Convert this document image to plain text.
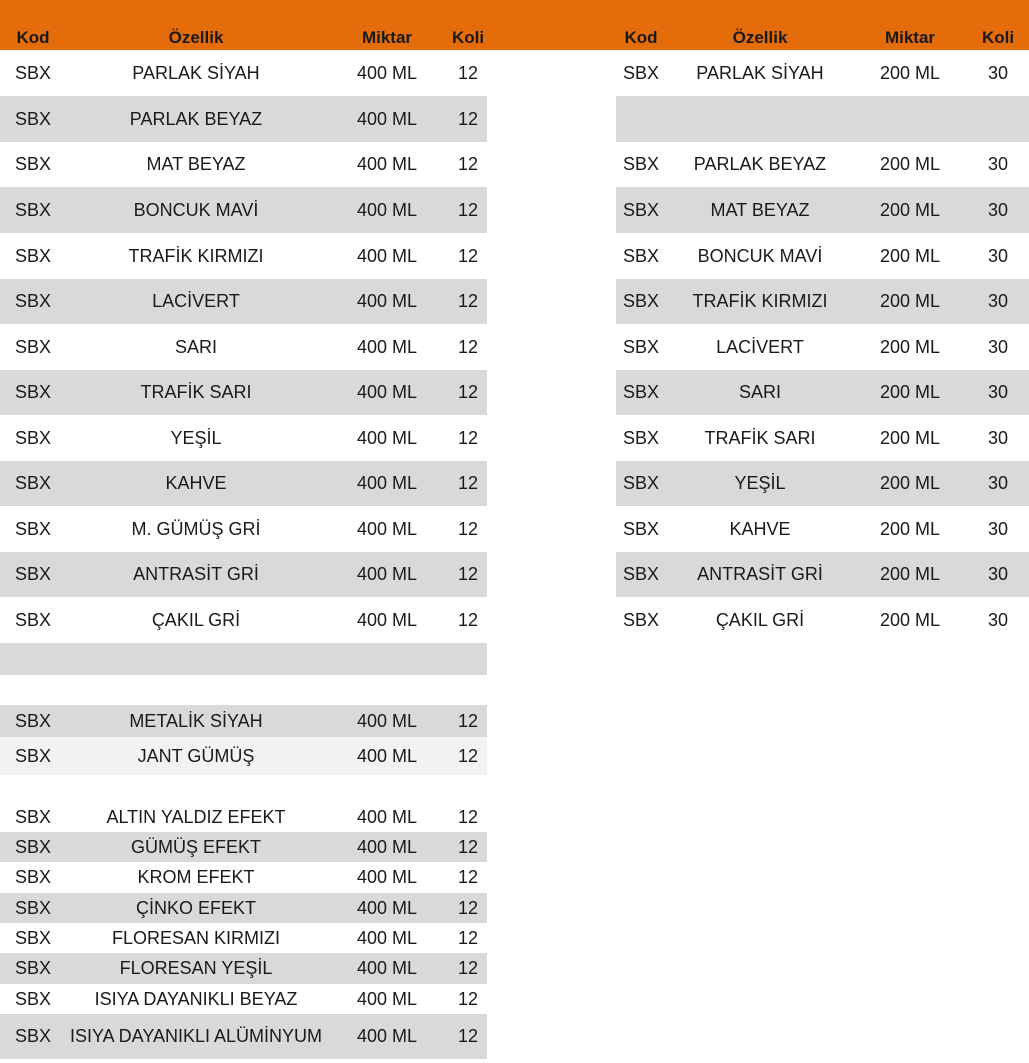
Kod	Özellik	Miktar	Koli
SBX	PARLAK SİYAH	400 ML	12
SBX	PARLAK BEYAZ	400 ML	12
SBX	MAT BEYAZ	400 ML	12
SBX	BONCUK MAVİ	400 ML	12
SBX	TRAFİK KIRMIZI	400 ML	12
SBX	LACİVERT	400 ML	12
SBX	SARI	400 ML	12
SBX	TRAFİK SARI	400 ML	12
SBX	YEŞİL	400 ML	12
SBX	KAHVE	400 ML	12
SBX	M. GÜMÜŞ GRİ	400 ML	12
SBX	ANTRASİT GRİ	400 ML	12
SBX	ÇAKIL GRİ	400 ML	12
SBX	METALİK SİYAH	400 ML	12
SBX	JANT GÜMÜŞ	400 ML	12
SBX	ALTIN YALDIZ EFEKT	400 ML	12
SBX	GÜMÜŞ EFEKT	400 ML	12
SBX	KROM EFEKT	400 ML	12
SBX	ÇİNKO EFEKT	400 ML	12
SBX	FLORESAN KIRMIZI	400 ML	12
SBX	FLORESAN YEŞİL	400 ML	12
SBX	ISIYA DAYANIKLI BEYAZ	400 ML	12
SBX	ISIYA DAYANIKLI ALÜMİNYUM	400 ML	12
Kod	Özellik	Miktar	Koli
SBX	PARLAK SİYAH	200 ML	30
SBX	PARLAK BEYAZ	200 ML	30
SBX	MAT BEYAZ	200 ML	30
SBX	BONCUK MAVİ	200 ML	30
SBX	TRAFİK KIRMIZI	200 ML	30
SBX	LACİVERT	200 ML	30
SBX	SARI	200 ML	30
SBX	TRAFİK SARI	200 ML	30
SBX	YEŞİL	200 ML	30
SBX	KAHVE	200 ML	30
SBX	ANTRASİT GRİ	200 ML	30
SBX	ÇAKIL GRİ	200 ML	30
